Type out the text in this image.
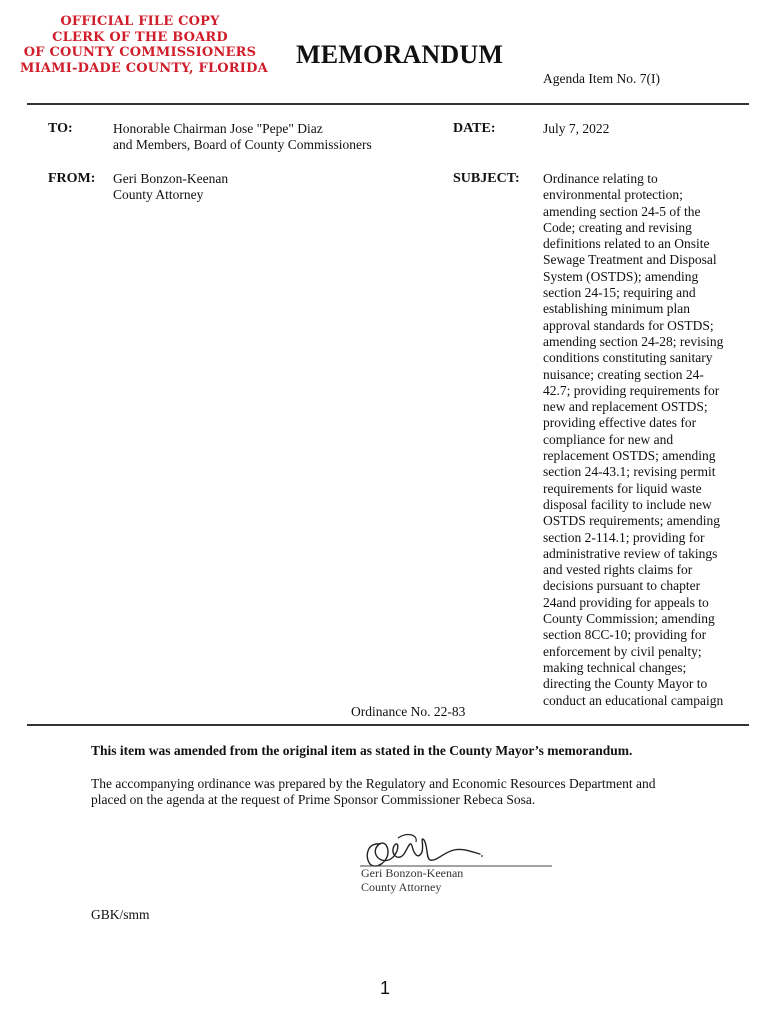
OFFICIAL FILE COPY
CLERK OF THE BOARD
OF COUNTY COMMISSIONERS
MIAMI-DADE COUNTY, FLORIDA MEMORANDUM
Agenda Item No. 7(I)
TO:	Honorable Chairman Jose "Pepe" Diaz
and Members, Board of County Commissioners
DATE:	July 7, 2022
FROM: Geri Bonzon-Keenan
County Attorney
SUBJECT: Ordinance relating to
environmental protection;
amending section 24-5 of the
Code; creating and revising
definitions related to an Onsite
Sewage Treatment and Disposal
System (OSTDS); amending
section 24-15; requiring and
establishing minimum plan
approval standards for OSTDS;
amending section 24-28; revising
conditions constituting sanitary
nuisance; creating section 24-
42.7; providing requirements for
new and replacement OSTDS;
providing effective dates for
compliance for new and
replacement OSTDS; amending
section 24-43.1; revising permit
requirements for liquid waste
disposal facility to include new
OSTDS requirements; amending
section 2-114.1; providing for
administrative review of takings
and vested rights claims for
decisions pursuant to chapter
24and providing for appeals to
County Commission; amending
section 8CC-10; providing for
enforcement by civil penalty;
making technical changes;
directing the County Mayor to
conduct an educational campaign
Ordinance No. 22-83
This item was amended from the original item as stated in the County Mayor’s memorandum.
The accompanying ordinance was prepared by the Regulatory and Economic Resources Department and
placed on the agenda at the request of Prime Sponsor Commissioner Rebeca Sosa.
Geri Bonzon-Keenan
County Attorney
GBK/smm
1
